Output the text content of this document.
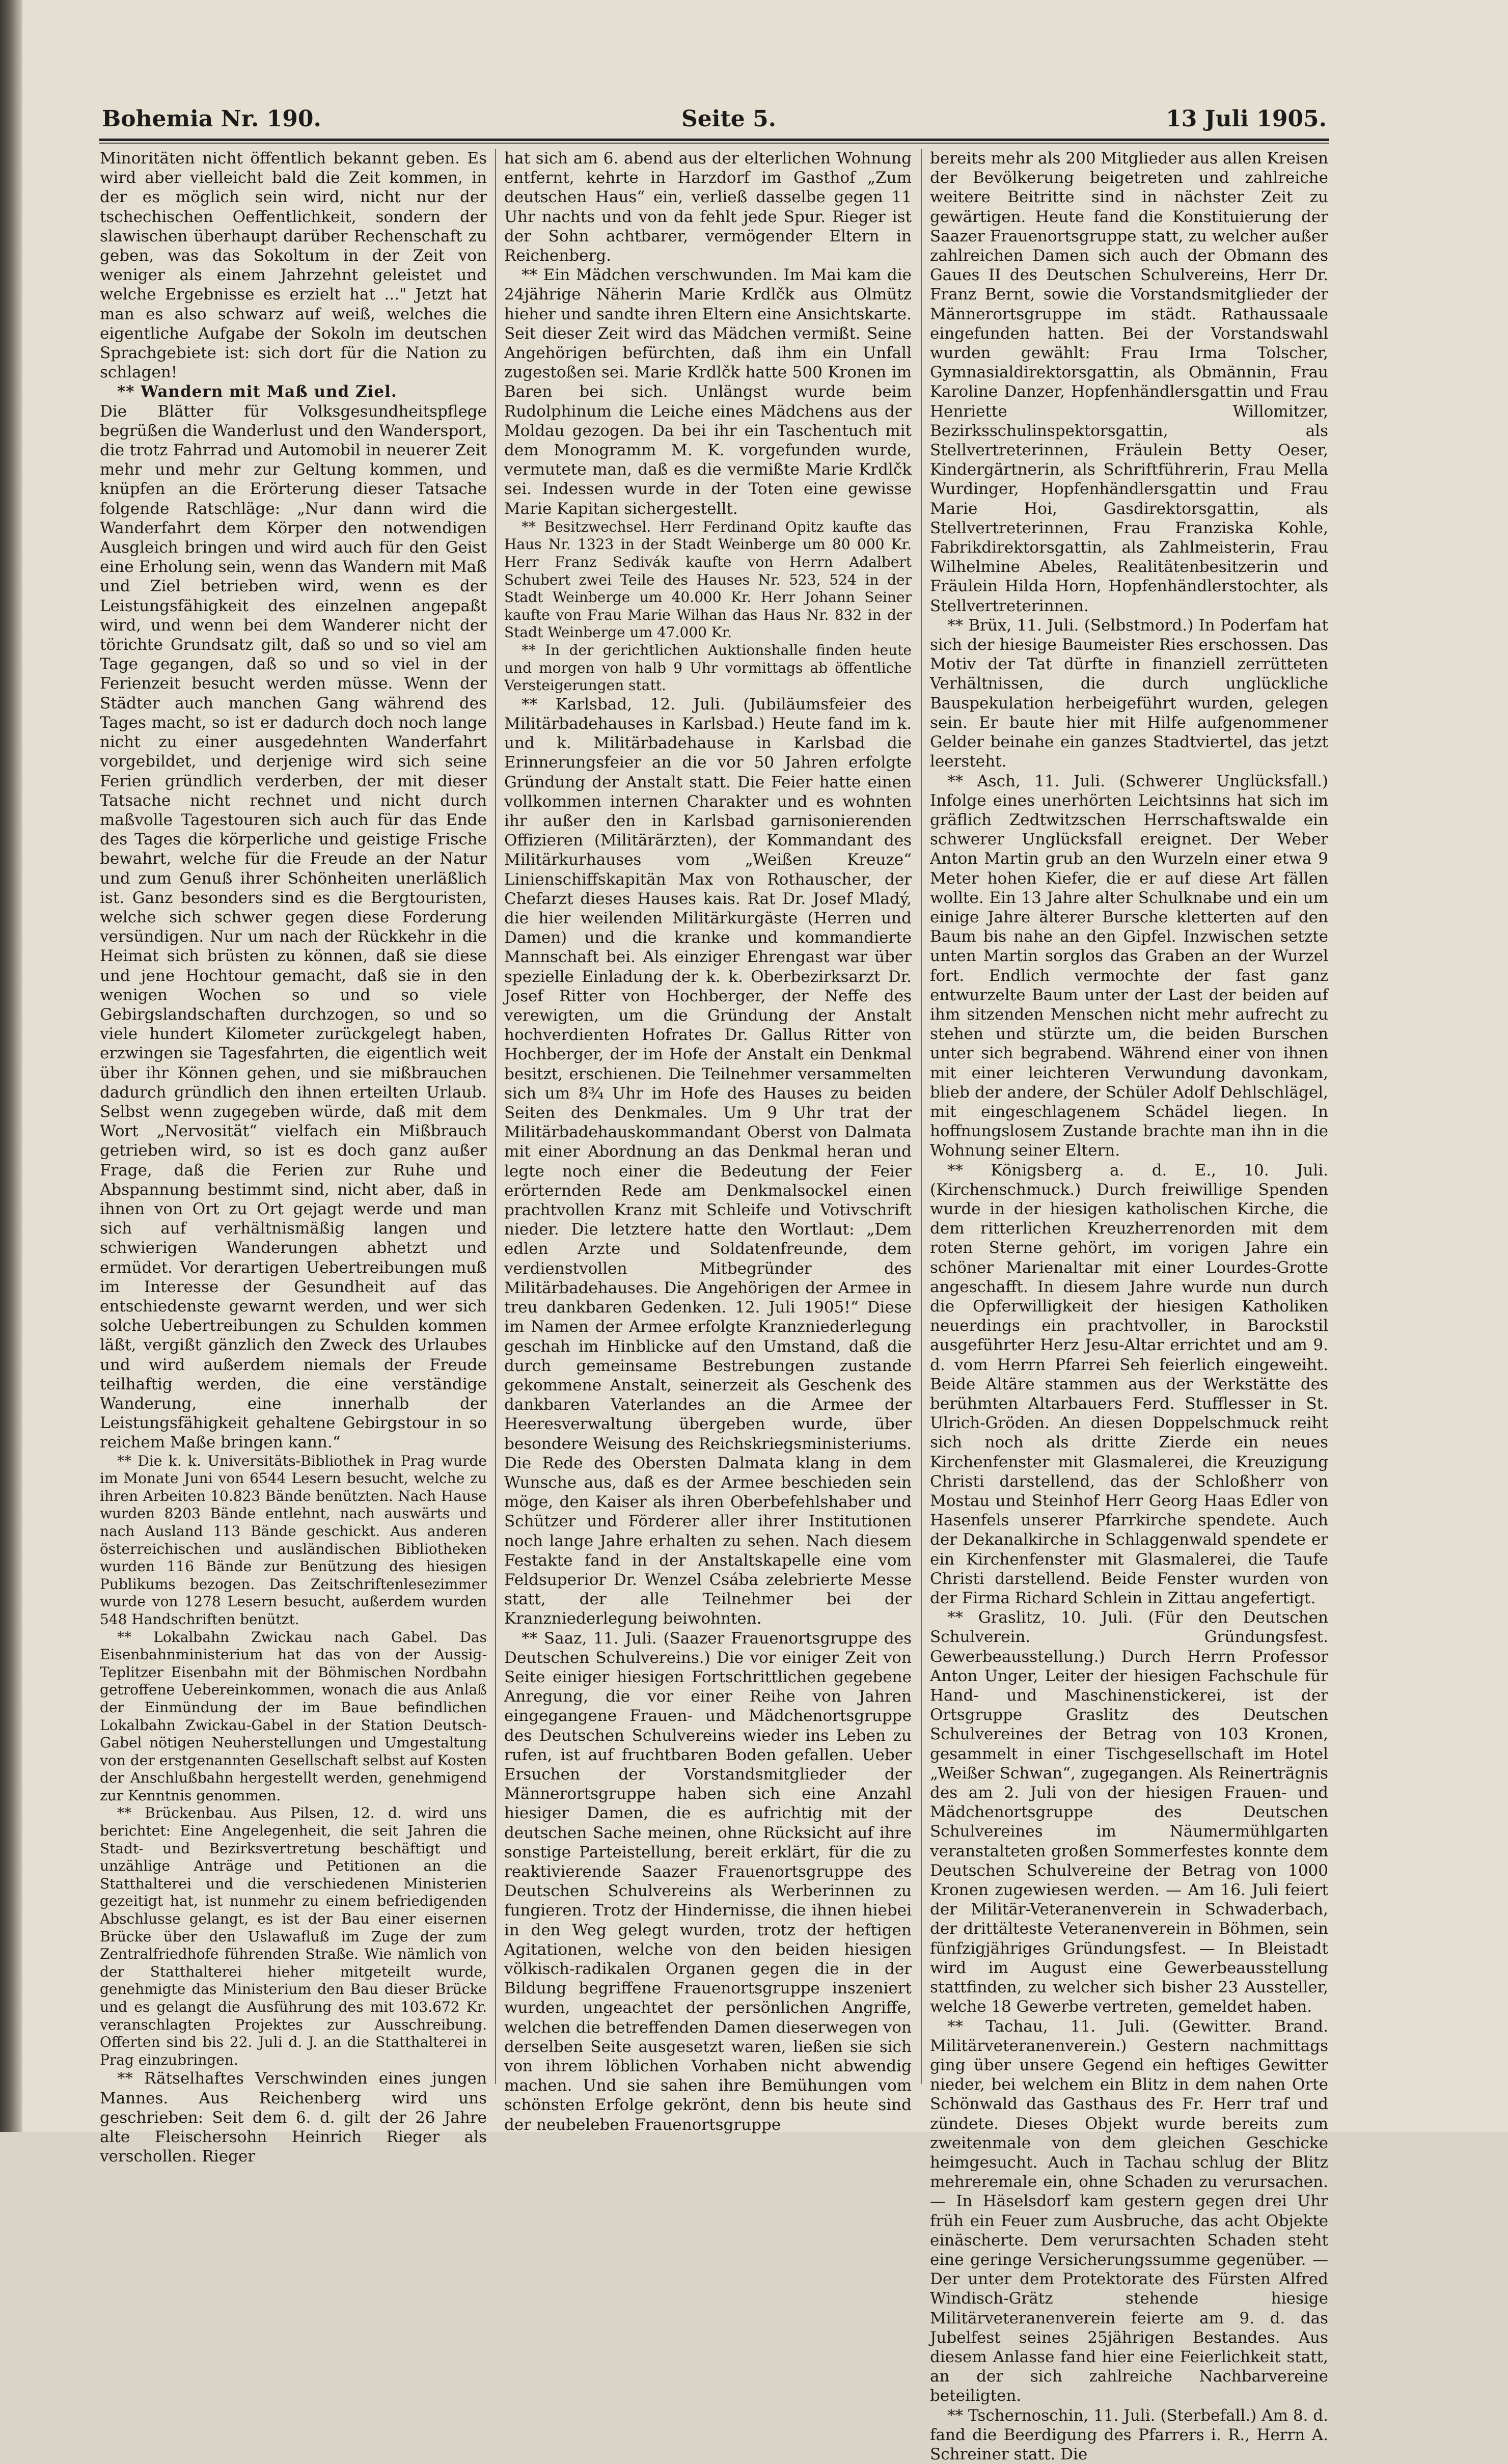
Bohemia Nr. 190.	Seite 5.	13 Juli 1905.

Minoritäten nicht öffentlich bekannt geben. Es wird aber vielleicht bald die Zeit kommen, in der es möglich sein wird, nicht nur der tschechischen Oeffentlichkeit, sondern der slawischen überhaupt darüber Rechenschaft zu geben, was das Sokoltum in der Zeit von weniger als einem Jahrzehnt geleistet und welche Ergebnisse es erzielt hat ..." Jetzt hat man es also schwarz auf weiß, welches die eigentliche Aufgabe der Sokoln im deutschen Sprachgebiete ist: sich dort für die Nation zu schlagen!

** Wandern mit Maß und Ziel.

Die Blätter für Volksgesundheitspflege begrüßen die Wanderlust und den Wandersport, die trotz Fahrrad und Automobil in neuerer Zeit mehr und mehr zur Geltung kommen, und knüpfen an die Erörterung dieser Tatsache folgende Ratschläge: „Nur dann wird die Wanderfahrt dem Körper den notwendigen Ausgleich bringen und wird auch für den Geist eine Erholung sein, wenn das Wandern mit Maß und Ziel betrieben wird, wenn es der Leistungsfähigkeit des einzelnen angepaßt wird, und wenn bei dem Wanderer nicht der törichte Grundsatz gilt, daß so und so viel am Tage gegangen, daß so und so viel in der Ferienzeit besucht werden müsse. Wenn der Städter auch manchen Gang während des Tages macht, so ist er dadurch doch noch lange nicht zu einer ausgedehnten Wanderfahrt vorgebildet, und derjenige wird sich seine Ferien gründlich verderben, der mit dieser Tatsache nicht rechnet und nicht durch maßvolle Tagestouren sich auch für das Ende des Tages die körperliche und geistige Frische bewahrt, welche für die Freude an der Natur und zum Genuß ihrer Schönheiten unerläßlich ist. Ganz besonders sind es die Bergtouristen, welche sich schwer gegen diese Forderung versündigen. Nur um nach der Rückkehr in die Heimat sich brüsten zu können, daß sie diese und jene Hochtour gemacht, daß sie in den wenigen Wochen so und so viele Gebirgslandschaften durchzogen, so und so viele hundert Kilometer zurückgelegt haben, erzwingen sie Tagesfahrten, die eigentlich weit über ihr Können gehen, und sie mißbrauchen dadurch gründlich den ihnen erteilten Urlaub. Selbst wenn zugegeben würde, daß mit dem Wort „Nervosität“ vielfach ein Mißbrauch getrieben wird, so ist es doch ganz außer Frage, daß die Ferien zur Ruhe und Abspannung bestimmt sind, nicht aber, daß in ihnen von Ort zu Ort gejagt werde und man sich auf verhältnismäßig langen und schwierigen Wanderungen abhetzt und ermüdet. Vor derartigen Uebertreibungen muß im Interesse der Gesundheit auf das entschiedenste gewarnt werden, und wer sich solche Uebertreibungen zu Schulden kommen läßt, vergißt gänzlich den Zweck des Urlaubes und wird außerdem niemals der Freude teilhaftig werden, die eine verständige Wanderung, eine innerhalb der Leistungsfähigkeit gehaltene Gebirgstour in so reichem Maße bringen kann.“

** Die k. k. Universitäts-Bibliothek in Prag wurde im Monate Juni von 6544 Lesern besucht, welche zu ihren Arbeiten 10.823 Bände benützten. Nach Hause wurden 8203 Bände entlehnt, nach auswärts und nach Ausland 113 Bände geschickt. Aus anderen österreichischen und ausländischen Bibliotheken wurden 116 Bände zur Benützung des hiesigen Publikums bezogen. Das Zeitschriftenlesezimmer wurde von 1278 Lesern besucht, außerdem wurden 548 Handschriften benützt.

** Lokalbahn Zwickau nach Gabel. Das Eisenbahnministerium hat das von der Aussig-Teplitzer Eisenbahn mit der Böhmischen Nordbahn getroffene Uebereinkommen, wonach die aus Anlaß der Einmündung der im Baue befindlichen Lokalbahn Zwickau-Gabel in der Station Deutsch-Gabel nötigen Neuherstellungen und Umgestaltung von der erstgenannten Gesellschaft selbst auf Kosten der Anschlußbahn hergestellt werden, genehmigend zur Kenntnis genommen.

** Brückenbau. Aus Pilsen, 12. d. wird uns berichtet: Eine Angelegenheit, die seit Jahren die Stadt- und Bezirksvertretung beschäftigt und unzählige Anträge und Petitionen an die Statthalterei und die verschiedenen Ministerien gezeitigt hat, ist nunmehr zu einem befriedigenden Abschlusse gelangt, es ist der Bau einer eisernen Brücke über den Uslawafluß im Zuge der zum Zentralfriedhofe führenden Straße. Wie nämlich von der Statthalterei hieher mitgeteilt wurde, genehmigte das Ministerium den Bau dieser Brücke und es gelangt die Ausführung des mit 103.672 Kr. veranschlagten Projektes zur Ausschreibung. Offerten sind bis 22. Juli d. J. an die Statthalterei in Prag einzubringen.

** Rätselhaftes Verschwinden eines jungen Mannes. Aus Reichenberg wird uns geschrieben: Seit dem 6. d. gilt der 26 Jahre alte Fleischersohn Heinrich Rieger als verschollen. Rieger

hat sich am 6. abend aus der elterlichen Wohnung entfernt, kehrte in Harzdorf im Gasthof „Zum deutschen Haus“ ein, verließ dasselbe gegen 11 Uhr nachts und von da fehlt jede Spur. Rieger ist der Sohn achtbarer, vermögender Eltern in Reichenberg.

** Ein Mädchen verschwunden. Im Mai kam die 24jährige Näherin Marie Krdlčk aus Olmütz hieher und sandte ihren Eltern eine Ansichtskarte. Seit dieser Zeit wird das Mädchen vermißt. Seine Angehörigen befürchten, daß ihm ein Unfall zugestoßen sei. Marie Krdlčk hatte 500 Kronen im Baren bei sich. Unlängst wurde beim Rudolphinum die Leiche eines Mädchens aus der Moldau gezogen. Da bei ihr ein Taschentuch mit dem Monogramm M. K. vorgefunden wurde, vermutete man, daß es die vermißte Marie Krdlčk sei. Indessen wurde in der Toten eine gewisse Marie Kapitan sichergestellt.

** Besitzwechsel. Herr Ferdinand Opitz kaufte das Haus Nr. 1323 in der Stadt Weinberge um 80 000 Kr. Herr Franz Sedivák kaufte von Herrn Adalbert Schubert zwei Teile des Hauses Nr. 523, 524 in der Stadt Weinberge um 40.000 Kr. Herr Johann Seiner kaufte von Frau Marie Wilhan das Haus Nr. 832 in der Stadt Weinberge um 47.000 Kr.

** In der gerichtlichen Auktionshalle finden heute und morgen von halb 9 Uhr vormittags ab öffentliche Versteigerungen statt.

** Karlsbad, 12. Juli. (Jubiläumsfeier des Militärbadehauses in Karlsbad.) Heute fand im k. und k. Militärbadehause in Karlsbad die Erinnerungsfeier an die vor 50 Jahren erfolgte Gründung der Anstalt statt. Die Feier hatte einen vollkommen internen Charakter und es wohnten ihr außer den in Karlsbad garnisonierenden Offizieren (Militärärzten), der Kommandant des Militärkurhauses vom „Weißen Kreuze“ Linienschiffskapitän Max von Rothauscher, der Chefarzt dieses Hauses kais. Rat Dr. Josef Mladý, die hier weilenden Militärkurgäste (Herren und Damen) und die kranke und kommandierte Mannschaft bei. Als einziger Ehrengast war über spezielle Einladung der k. k. Oberbezirksarzt Dr. Josef Ritter von Hochberger, der Neffe des verewigten, um die Gründung der Anstalt hochverdienten Hofrates Dr. Gallus Ritter von Hochberger, der im Hofe der Anstalt ein Denkmal besitzt, erschienen. Die Teilnehmer versammelten sich um 8¾ Uhr im Hofe des Hauses zu beiden Seiten des Denkmales. Um 9 Uhr trat der Militärbadehauskommandant Oberst von Dalmata mit einer Abordnung an das Denkmal heran und legte noch einer die Bedeutung der Feier erörternden Rede am Denkmalsockel einen prachtvollen Kranz mit Schleife und Votivschrift nieder. Die letztere hatte den Wortlaut: „Dem edlen Arzte und Soldatenfreunde, dem verdienstvollen Mitbegründer des Militärbadehauses. Die Angehörigen der Armee in treu dankbaren Gedenken. 12. Juli 1905!“ Diese im Namen der Armee erfolgte Kranzniederlegung geschah im Hinblicke auf den Umstand, daß die durch gemeinsame Bestrebungen zustande gekommene Anstalt, seinerzeit als Geschenk des dankbaren Vaterlandes an die Armee der Heeresverwaltung übergeben wurde, über besondere Weisung des Reichskriegsministeriums. Die Rede des Obersten Dalmata klang in dem Wunsche aus, daß es der Armee beschieden sein möge, den Kaiser als ihren Oberbefehlshaber und Schützer und Förderer aller ihrer Institutionen noch lange Jahre erhalten zu sehen. Nach diesem Festakte fand in der Anstaltskapelle eine vom Feldsuperior Dr. Wenzel Csába zelebrierte Messe statt, der alle Teilnehmer bei der Kranzniederlegung beiwohnten.

** Saaz, 11. Juli. (Saazer Frauenortsgruppe des Deutschen Schulvereins.) Die vor einiger Zeit von Seite einiger hiesigen Fortschrittlichen gegebene Anregung, die vor einer Reihe von Jahren eingegangene Frauen- und Mädchenortsgruppe des Deutschen Schulvereins wieder ins Leben zu rufen, ist auf fruchtbaren Boden gefallen. Ueber Ersuchen der Vorstandsmitglieder der Männerortsgruppe haben sich eine Anzahl hiesiger Damen, die es aufrichtig mit der deutschen Sache meinen, ohne Rücksicht auf ihre sonstige Parteistellung, bereit erklärt, für die zu reaktivierende Saazer Frauenortsgruppe des Deutschen Schulvereins als Werberinnen zu fungieren. Trotz der Hindernisse, die ihnen hiebei in den Weg gelegt wurden, trotz der heftigen Agitationen, welche von den beiden hiesigen völkisch-radikalen Organen gegen die in der Bildung begriffene Frauenortsgruppe inszeniert wurden, ungeachtet der persönlichen Angriffe, welchen die betreffenden Damen dieserwegen von derselben Seite ausgesetzt waren, ließen sie sich von ihrem löblichen Vorhaben nicht abwendig machen. Und sie sahen ihre Bemühungen vom schönsten Erfolge gekrönt, denn bis heute sind der neubeleben Frauenortsgruppe

bereits mehr als 200 Mitglieder aus allen Kreisen der Bevölkerung beigetreten und zahlreiche weitere Beitritte sind in nächster Zeit zu gewärtigen. Heute fand die Konstituierung der Saazer Frauenortsgruppe statt, zu welcher außer zahlreichen Damen sich auch der Obmann des Gaues II des Deutschen Schulvereins, Herr Dr. Franz Bernt, sowie die Vorstandsmitglieder der Männerortsgruppe im städt. Rathaussaale eingefunden hatten. Bei der Vorstandswahl wurden gewählt: Frau Irma Tolscher, Gymnasialdirektorsgattin, als Obmännin, Frau Karoline Danzer, Hopfenhändlersgattin und Frau Henriette Willomitzer, Bezirksschulinspektorsgattin, als Stellvertreterinnen, Fräulein Betty Oeser, Kindergärtnerin, als Schriftführerin, Frau Mella Wurdinger, Hopfenhändlersgattin und Frau Marie Hoi, Gasdirektorsgattin, als Stellvertreterinnen, Frau Franziska Kohle, Fabrikdirektorsgattin, als Zahlmeisterin, Frau Wilhelmine Abeles, Realitätenbesitzerin und Fräulein Hilda Horn, Hopfenhändlerstochter, als Stellvertreterinnen.

** Brüx, 11. Juli. (Selbstmord.) In Poderfam hat sich der hiesige Baumeister Ries erschossen. Das Motiv der Tat dürfte in finanziell zerrütteten Verhältnissen, die durch unglückliche Bauspekulation herbeigeführt wurden, gelegen sein. Er baute hier mit Hilfe aufgenommener Gelder beinahe ein ganzes Stadtviertel, das jetzt leersteht.

** Asch, 11. Juli. (Schwerer Unglücksfall.) Infolge eines unerhörten Leichtsinns hat sich im gräflich Zedtwitzschen Herrschaftswalde ein schwerer Unglücksfall ereignet. Der Weber Anton Martin grub an den Wurzeln einer etwa 9 Meter hohen Kiefer, die er auf diese Art fällen wollte. Ein 13 Jahre alter Schulknabe und ein um einige Jahre älterer Bursche kletterten auf den Baum bis nahe an den Gipfel. Inzwischen setzte unten Martin sorglos das Graben an der Wurzel fort. Endlich vermochte der fast ganz entwurzelte Baum unter der Last der beiden auf ihm sitzenden Menschen nicht mehr aufrecht zu stehen und stürzte um, die beiden Burschen unter sich begrabend. Während einer von ihnen mit einer leichteren Verwundung davonkam, blieb der andere, der Schüler Adolf Dehlschlägel, mit eingeschlagenem Schädel liegen. In hoffnungslosem Zustande brachte man ihn in die Wohnung seiner Eltern.

** Königsberg a. d. E., 10. Juli. (Kirchenschmuck.) Durch freiwillige Spenden wurde in der hiesigen katholischen Kirche, die dem ritterlichen Kreuzherrenorden mit dem roten Sterne gehört, im vorigen Jahre ein schöner Marienaltar mit einer Lourdes-Grotte angeschafft. In diesem Jahre wurde nun durch die Opferwilligkeit der hiesigen Katholiken neuerdings ein prachtvoller, in Barockstil ausgeführter Herz Jesu-Altar errichtet und am 9. d. vom Herrn Pfarrei Seh feierlich eingeweiht. Beide Altäre stammen aus der Werkstätte des berühmten Altarbauers Ferd. Stufflesser in St. Ulrich-Gröden. An diesen Doppelschmuck reiht sich noch als dritte Zierde ein neues Kirchenfenster mit Glasmalerei, die Kreuzigung Christi darstellend, das der Schloßherr von Mostau und Steinhof Herr Georg Haas Edler von Hasenfels unserer Pfarrkirche spendete. Auch der Dekanalkirche in Schlaggenwald spendete er ein Kirchenfenster mit Glasmalerei, die Taufe Christi darstellend. Beide Fenster wurden von der Firma Richard Schlein in Zittau angefertigt.

** Graslitz, 10. Juli. (Für den Deutschen Schulverein. Gründungsfest. Gewerbeausstellung.) Durch Herrn Professor Anton Unger, Leiter der hiesigen Fachschule für Hand- und Maschinenstickerei, ist der Ortsgruppe Graslitz des Deutschen Schulvereines der Betrag von 103 Kronen, gesammelt in einer Tischgesellschaft im Hotel „Weißer Schwan“, zugegangen. Als Reinerträgnis des am 2. Juli von der hiesigen Frauen- und Mädchenortsgruppe des Deutschen Schulvereines im Näumermühlgarten veranstalteten großen Sommerfestes konnte dem Deutschen Schulvereine der Betrag von 1000 Kronen zugewiesen werden. — Am 16. Juli feiert der Militär-Veteranenverein in Schwaderbach, der drittälteste Veteranenverein in Böhmen, sein fünfzigjähriges Gründungsfest. — In Bleistadt wird im August eine Gewerbeausstellung stattfinden, zu welcher sich bisher 23 Aussteller, welche 18 Gewerbe vertreten, gemeldet haben.

** Tachau, 11. Juli. (Gewitter. Brand. Militärveteranenverein.) Gestern nachmittags ging über unsere Gegend ein heftiges Gewitter nieder, bei welchem ein Blitz in dem nahen Orte Schönwald das Gasthaus des Fr. Herr traf und zündete. Dieses Objekt wurde bereits zum zweitenmale von dem gleichen Geschicke heimgesucht. Auch in Tachau schlug der Blitz mehreremale ein, ohne Schaden zu verursachen. — In Häselsdorf kam gestern gegen drei Uhr früh ein Feuer zum Ausbruche, das acht Objekte einäscherte. Dem verursachten Schaden steht eine geringe Versicherungssumme gegenüber. — Der unter dem Protektorate des Fürsten Alfred Windisch-Grätz stehende hiesige Militärveteranenverein feierte am 9. d. das Jubelfest seines 25jährigen Bestandes. Aus diesem Anlasse fand hier eine Feierlichkeit statt, an der sich zahlreiche Nachbarvereine beteiligten.

** Tschernoschin, 11. Juli. (Sterbefall.) Am 8. d. fand die Beerdigung des Pfarrers i. R., Herrn A. Schreiner statt. Die
